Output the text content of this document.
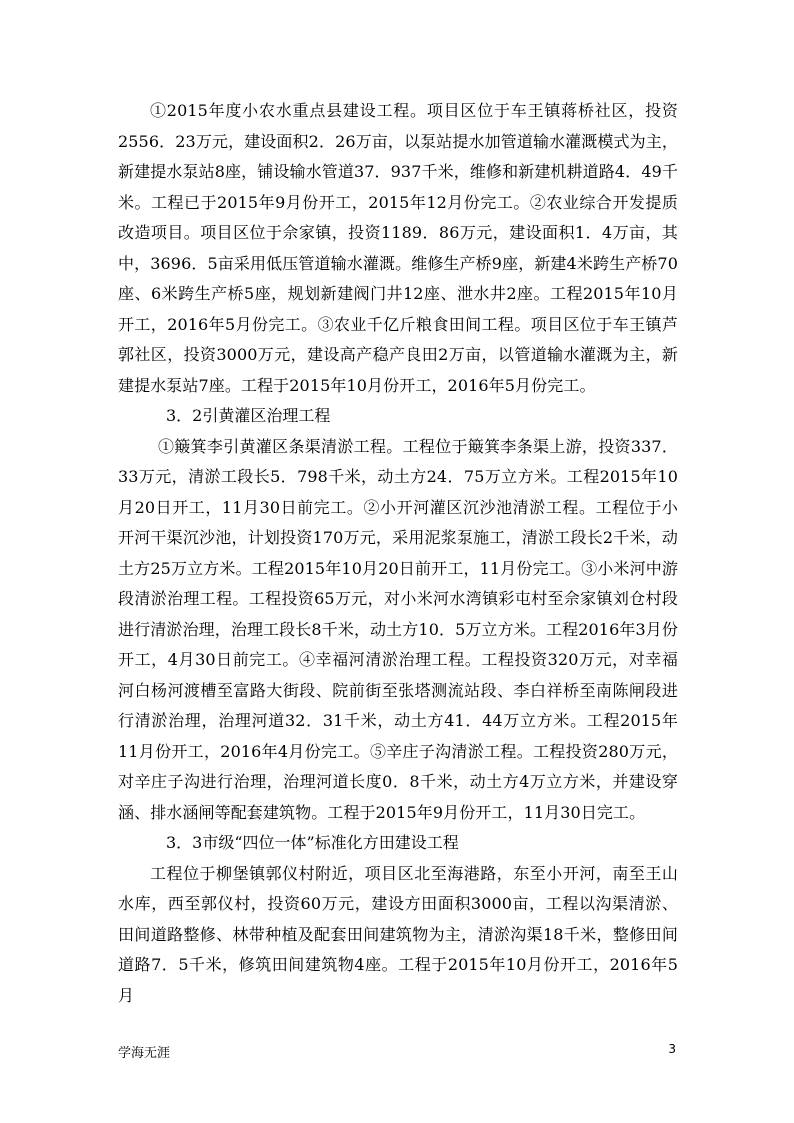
①2015年度小农水重点县建设工程。项目区位于车王镇蒋桥社区，投资2556．23万元，建设面积2．26万亩，以泵站提水加管道输水灌溉模式为主，新建提水泵站8座，铺设输水管道37．937千米，维修和新建机耕道路4．49千米。工程已于2015年9月份开工，2015年12月份完工。②农业综合开发提质改造项目。项目区位于佘家镇，投资1189．86万元，建设面积1．4万亩，其中，3696．5亩采用低压管道输水灌溉。维修生产桥9座，新建4米跨生产桥70座、6米跨生产桥5座，规划新建阀门井12座、泄水井2座。工程2015年10月开工，2016年5月份完工。③农业千亿斤粮食田间工程。项目区位于车王镇芦郭社区，投资3000万元，建设高产稳产良田2万亩，以管道输水灌溉为主，新建提水泵站7座。工程于2015年10月份开工，2016年5月份完工。

3．2引黄灌区治理工程

①簸箕李引黄灌区条渠清淤工程。工程位于簸箕李条渠上游，投资337．33万元，清淤工段长5．798千米，动土方24．75万立方米。工程2015年10月20日开工，11月30日前完工。②小开河灌区沉沙池清淤工程。工程位于小开河干渠沉沙池，计划投资170万元，采用泥浆泵施工，清淤工段长2千米，动土方25万立方米。工程2015年10月20日前开工，11月份完工。③小米河中游段清淤治理工程。工程投资65万元，对小米河水湾镇彩屯村至佘家镇刘仓村段进行清淤治理，治理工段长8千米，动土方10．5万立方米。工程2016年3月份开工，4月30日前完工。④幸福河清淤治理工程。工程投资320万元，对幸福河白杨河渡槽至富路大街段、院前街至张塔测流站段、李白祥桥至南陈闸段进行清淤治理，治理河道32．31千米，动土方41．44万立方米。工程2015年11月份开工，2016年4月份完工。⑤辛庄子沟清淤工程。工程投资280万元，对辛庄子沟进行治理，治理河道长度0．8千米，动土方4万立方米，并建设穿涵、排水涵闸等配套建筑物。工程于2015年9月份开工，11月30日完工。

3．3市级“四位一体”标准化方田建设工程

工程位于柳堡镇郭仪村附近，项目区北至海港路，东至小开河，南至王山水库，西至郭仪村，投资60万元，建设方田面积3000亩，工程以沟渠清淤、田间道路整修、林带种植及配套田间建筑物为主，清淤沟渠18千米，整修田间道路7．5千米，修筑田间建筑物4座。工程于2015年10月份开工，2016年5月

学海无涯	3
